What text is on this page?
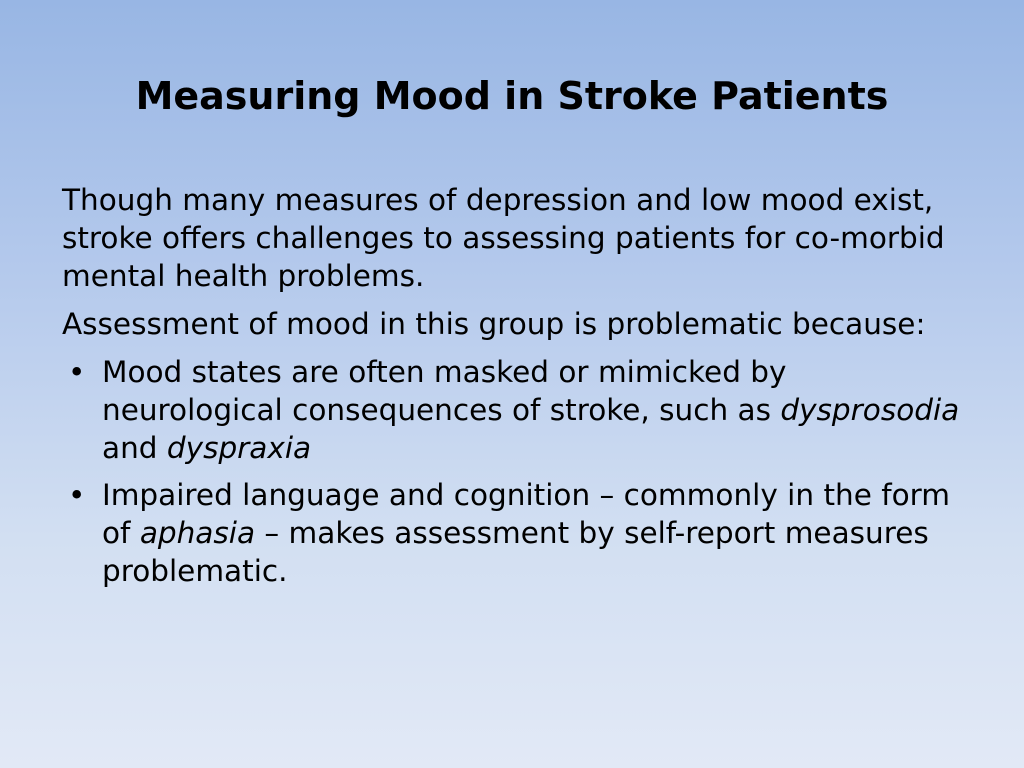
Measuring Mood in Stroke Patients

Though many measures of depression and low mood exist, stroke offers challenges to assessing patients for co-morbid mental health problems.

Assessment of mood in this group is problematic because:

• Mood states are often masked or mimicked by neurological consequences of stroke, such as dysprosodia and dyspraxia
• Impaired language and cognition – commonly in the form of aphasia – makes assessment by self-report measures problematic.
